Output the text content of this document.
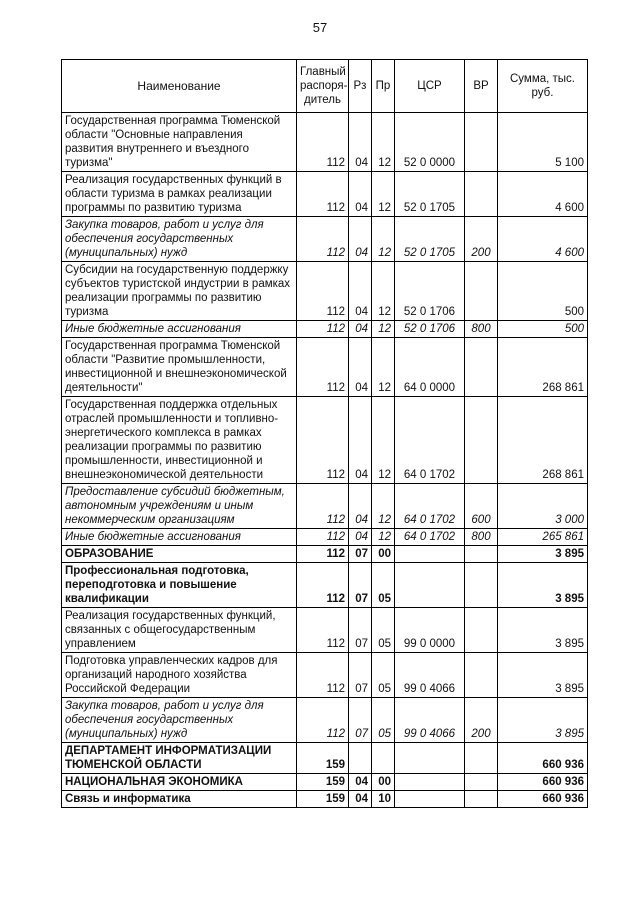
57
Наименование	Главный распоря-дитель	Рз	Пр	ЦСР	ВР	Сумма, тыс. руб.
Государственная программа Тюменской области "Основные направления развития внутреннего и въездного туризма"	112	04	12	52 0 0000		5 100
Реализация государственных функций в области туризма в рамках реализации программы по развитию туризма	112	04	12	52 0 1705		4 600
Закупка товаров, работ и услуг для обеспечения государственных (муниципальных) нужд	112	04	12	52 0 1705	200	4 600
Субсидии на государственную поддержку субъектов туристской индустрии в рамках реализации программы по развитию туризма	112	04	12	52 0 1706		500
Иные бюджетные ассигнования	112	04	12	52 0 1706	800	500
Государственная программа Тюменской области "Развитие промышленности, инвестиционной и внешнеэкономической деятельности"	112	04	12	64 0 0000		268 861
Государственная поддержка отдельных отраслей промышленности и топливно-энергетического комплекса в рамках реализации программы по развитию промышленности, инвестиционной и внешнеэкономической деятельности	112	04	12	64 0 1702		268 861
Предоставление субсидий бюджетным, автономным учреждениям и иным некоммерческим организациям	112	04	12	64 0 1702	600	3 000
Иные бюджетные ассигнования	112	04	12	64 0 1702	800	265 861
ОБРАЗОВАНИЕ	112	07	00			3 895
Профессиональная подготовка, переподготовка и повышение квалификации	112	07	05			3 895
Реализация государственных функций, связанных с общегосударственным управлением	112	07	05	99 0 0000		3 895
Подготовка управленческих кадров для организаций народного хозяйства Российской Федерации	112	07	05	99 0 4066		3 895
Закупка товаров, работ и услуг для обеспечения государственных (муниципальных) нужд	112	07	05	99 0 4066	200	3 895
ДЕПАРТАМЕНТ ИНФОРМАТИЗАЦИИ ТЮМЕНСКОЙ ОБЛАСТИ	159					660 936
НАЦИОНАЛЬНАЯ ЭКОНОМИКА	159	04	00			660 936
Связь и информатика	159	04	10			660 936
